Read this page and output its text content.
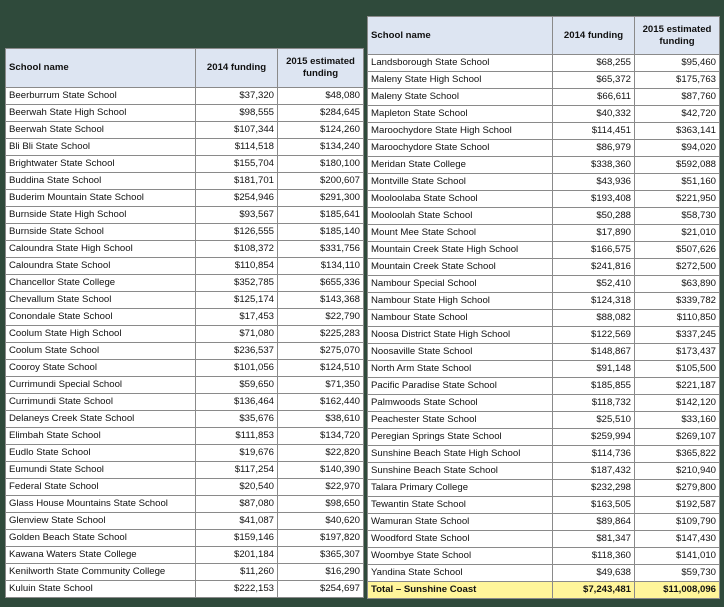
School name	2014 funding	2015 estimated funding
Beerburrum State School	$37,320	$48,080
Beerwah State High School	$98,555	$284,645
Beerwah State School	$107,344	$124,260
Bli Bli State School	$114,518	$134,240
Brightwater State School	$155,704	$180,100
Buddina State School	$181,701	$200,607
Buderim Mountain State School	$254,946	$291,300
Burnside State High School	$93,567	$185,641
Burnside State School	$126,555	$185,140
Caloundra State High School	$108,372	$331,756
Caloundra State School	$110,854	$134,110
Chancellor State College	$352,785	$655,336
Chevallum State School	$125,174	$143,368
Conondale State School	$17,453	$22,790
Coolum State High School	$71,080	$225,283
Coolum State School	$236,537	$275,070
Cooroy State School	$101,056	$124,510
Currimundi Special School	$59,650	$71,350
Currimundi State School	$136,464	$162,440
Delaneys Creek State School	$35,676	$38,610
Elimbah State School	$111,853	$134,720
Eudlo State School	$19,676	$22,820
Eumundi State School	$117,254	$140,390
Federal State School	$20,540	$22,970
Glass House Mountains State School	$87,080	$98,650
Glenview State School	$41,087	$40,620
Golden Beach State School	$159,146	$197,820
Kawana Waters State College	$201,184	$365,307
Kenilworth State Community College	$11,260	$16,290
Kuluin State School	$222,153	$254,697
School name	2014 funding	2015 estimated funding
Landsborough State School	$68,255	$95,460
Maleny State High School	$65,372	$175,763
Maleny State School	$66,611	$87,760
Mapleton State School	$40,332	$42,720
Maroochydore State High School	$114,451	$363,141
Maroochydore State School	$86,979	$94,020
Meridan State College	$338,360	$592,088
Montville State School	$43,936	$51,160
Mooloolaba State School	$193,408	$221,950
Mooloolah State School	$50,288	$58,730
Mount Mee State School	$17,890	$21,010
Mountain Creek State High School	$166,575	$507,626
Mountain Creek State School	$241,816	$272,500
Nambour Special School	$52,410	$63,890
Nambour State High School	$124,318	$339,782
Nambour State School	$88,082	$110,850
Noosa District State High School	$122,569	$337,245
Noosaville State School	$148,867	$173,437
North Arm State School	$91,148	$105,500
Pacific Paradise State School	$185,855	$221,187
Palmwoods State School	$118,732	$142,120
Peachester State School	$25,510	$33,160
Peregian Springs State School	$259,994	$269,107
Sunshine Beach State High School	$114,736	$365,822
Sunshine Beach State School	$187,432	$210,940
Talara Primary College	$232,298	$279,800
Tewantin State School	$163,505	$192,587
Wamuran State School	$89,864	$109,790
Woodford State School	$81,347	$147,430
Woombye State School	$118,360	$141,010
Yandina State School	$49,638	$59,730
Total – Sunshine Coast	$7,243,481	$11,008,096
